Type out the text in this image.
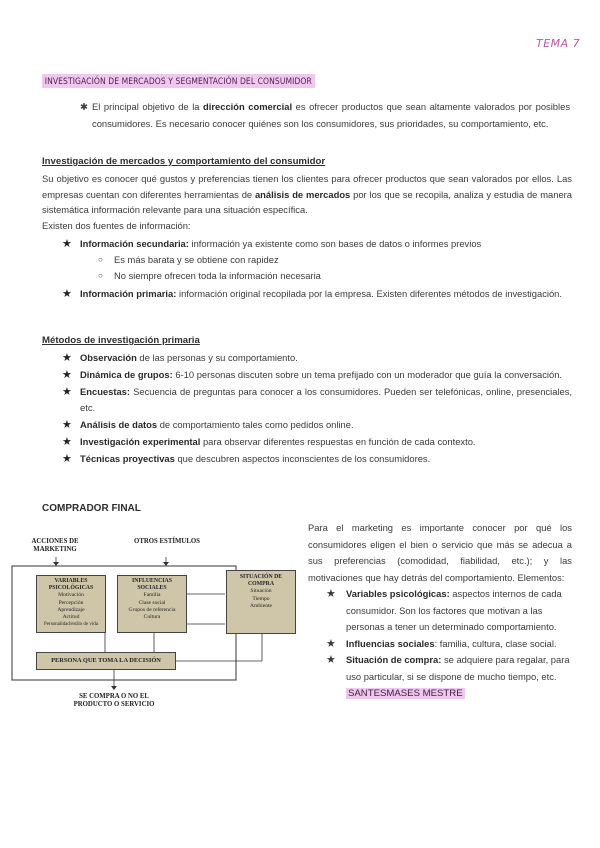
TEMA 7
INVESTIGACIÓN DE MERCADOS Y SEGMENTACIÓN DEL CONSUMIDOR
✱ El principal objetivo de la dirección comercial es ofrecer productos que sean altamente valorados por posibles consumidores. Es necesario conocer quiénes son los consumidores, sus prioridades, su comportamiento, etc.

Investigación de mercados y comportamiento del consumidor
Su objetivo es conocer qué gustos y preferencias tienen los clientes para ofrecer productos que sean valorados por ellos. Las empresas cuentan con diferentes herramientas de análisis de mercados por los que se recopila, analiza y estudia de manera sistemática información relevante para una situación específica.
Existen dos fuentes de información:
★ Información secundaria: información ya existente como son bases de datos o informes previos
○ Es más barata y se obtiene con rapidez
○ No siempre ofrecen toda la información necesaria
★ Información primaria: información original recopilada por la empresa. Existen diferentes métodos de investigación.
Métodos de investigación primaria
★ Observación de las personas y su comportamiento.
★ Dinámica de grupos: 6-10 personas discuten sobre un tema prefijado con un moderador que guía la conversación.
★ Encuestas: Secuencia de preguntas para conocer a los consumidores. Pueden ser telefónicas, online, presenciales, etc.
★ Análisis de datos de comportamiento tales como pedidos online.
★ Investigación experimental para observar diferentes respuestas en función de cada contexto.
★ Técnicas proyectivas que descubren aspectos inconscientes de los consumidores.
COMPRADOR FINAL
ACCIONES DE MARKETING
OTROS ESTÍMULOS
VARIABLES PSICOLÓGICAS
Motivación
Percepción
Aprendizaje
Actitud
Personalidad/estilo de vida
INFLUENCIAS SOCIALES
Familia
Clase social
Grupos de referencia
Cultura
SITUACIÓN DE COMPRA
Situación
Tiempo
Ambiente
PERSONA QUE TOMA LA DECISIÓN
SE COMPRA O NO EL PRODUCTO O SERVICIO
Para el marketing es importante conocer por qué los consumidores eligen el bien o servicio que más se adecua a sus preferencias (comodidad, fiabilidad, etc.); y las motivaciones que hay detrás del comportamiento. Elementos:
★ Variables psicológicas: aspectos internos de cada consumidor. Son los factores que motivan a las personas a tener un determinado comportamiento.
★ Influencias sociales: familia, cultura, clase social.
★ Situación de compra: se adquiere para regalar, para uso particular, si se dispone de mucho tiempo, etc. SANTESMASES MESTRE
